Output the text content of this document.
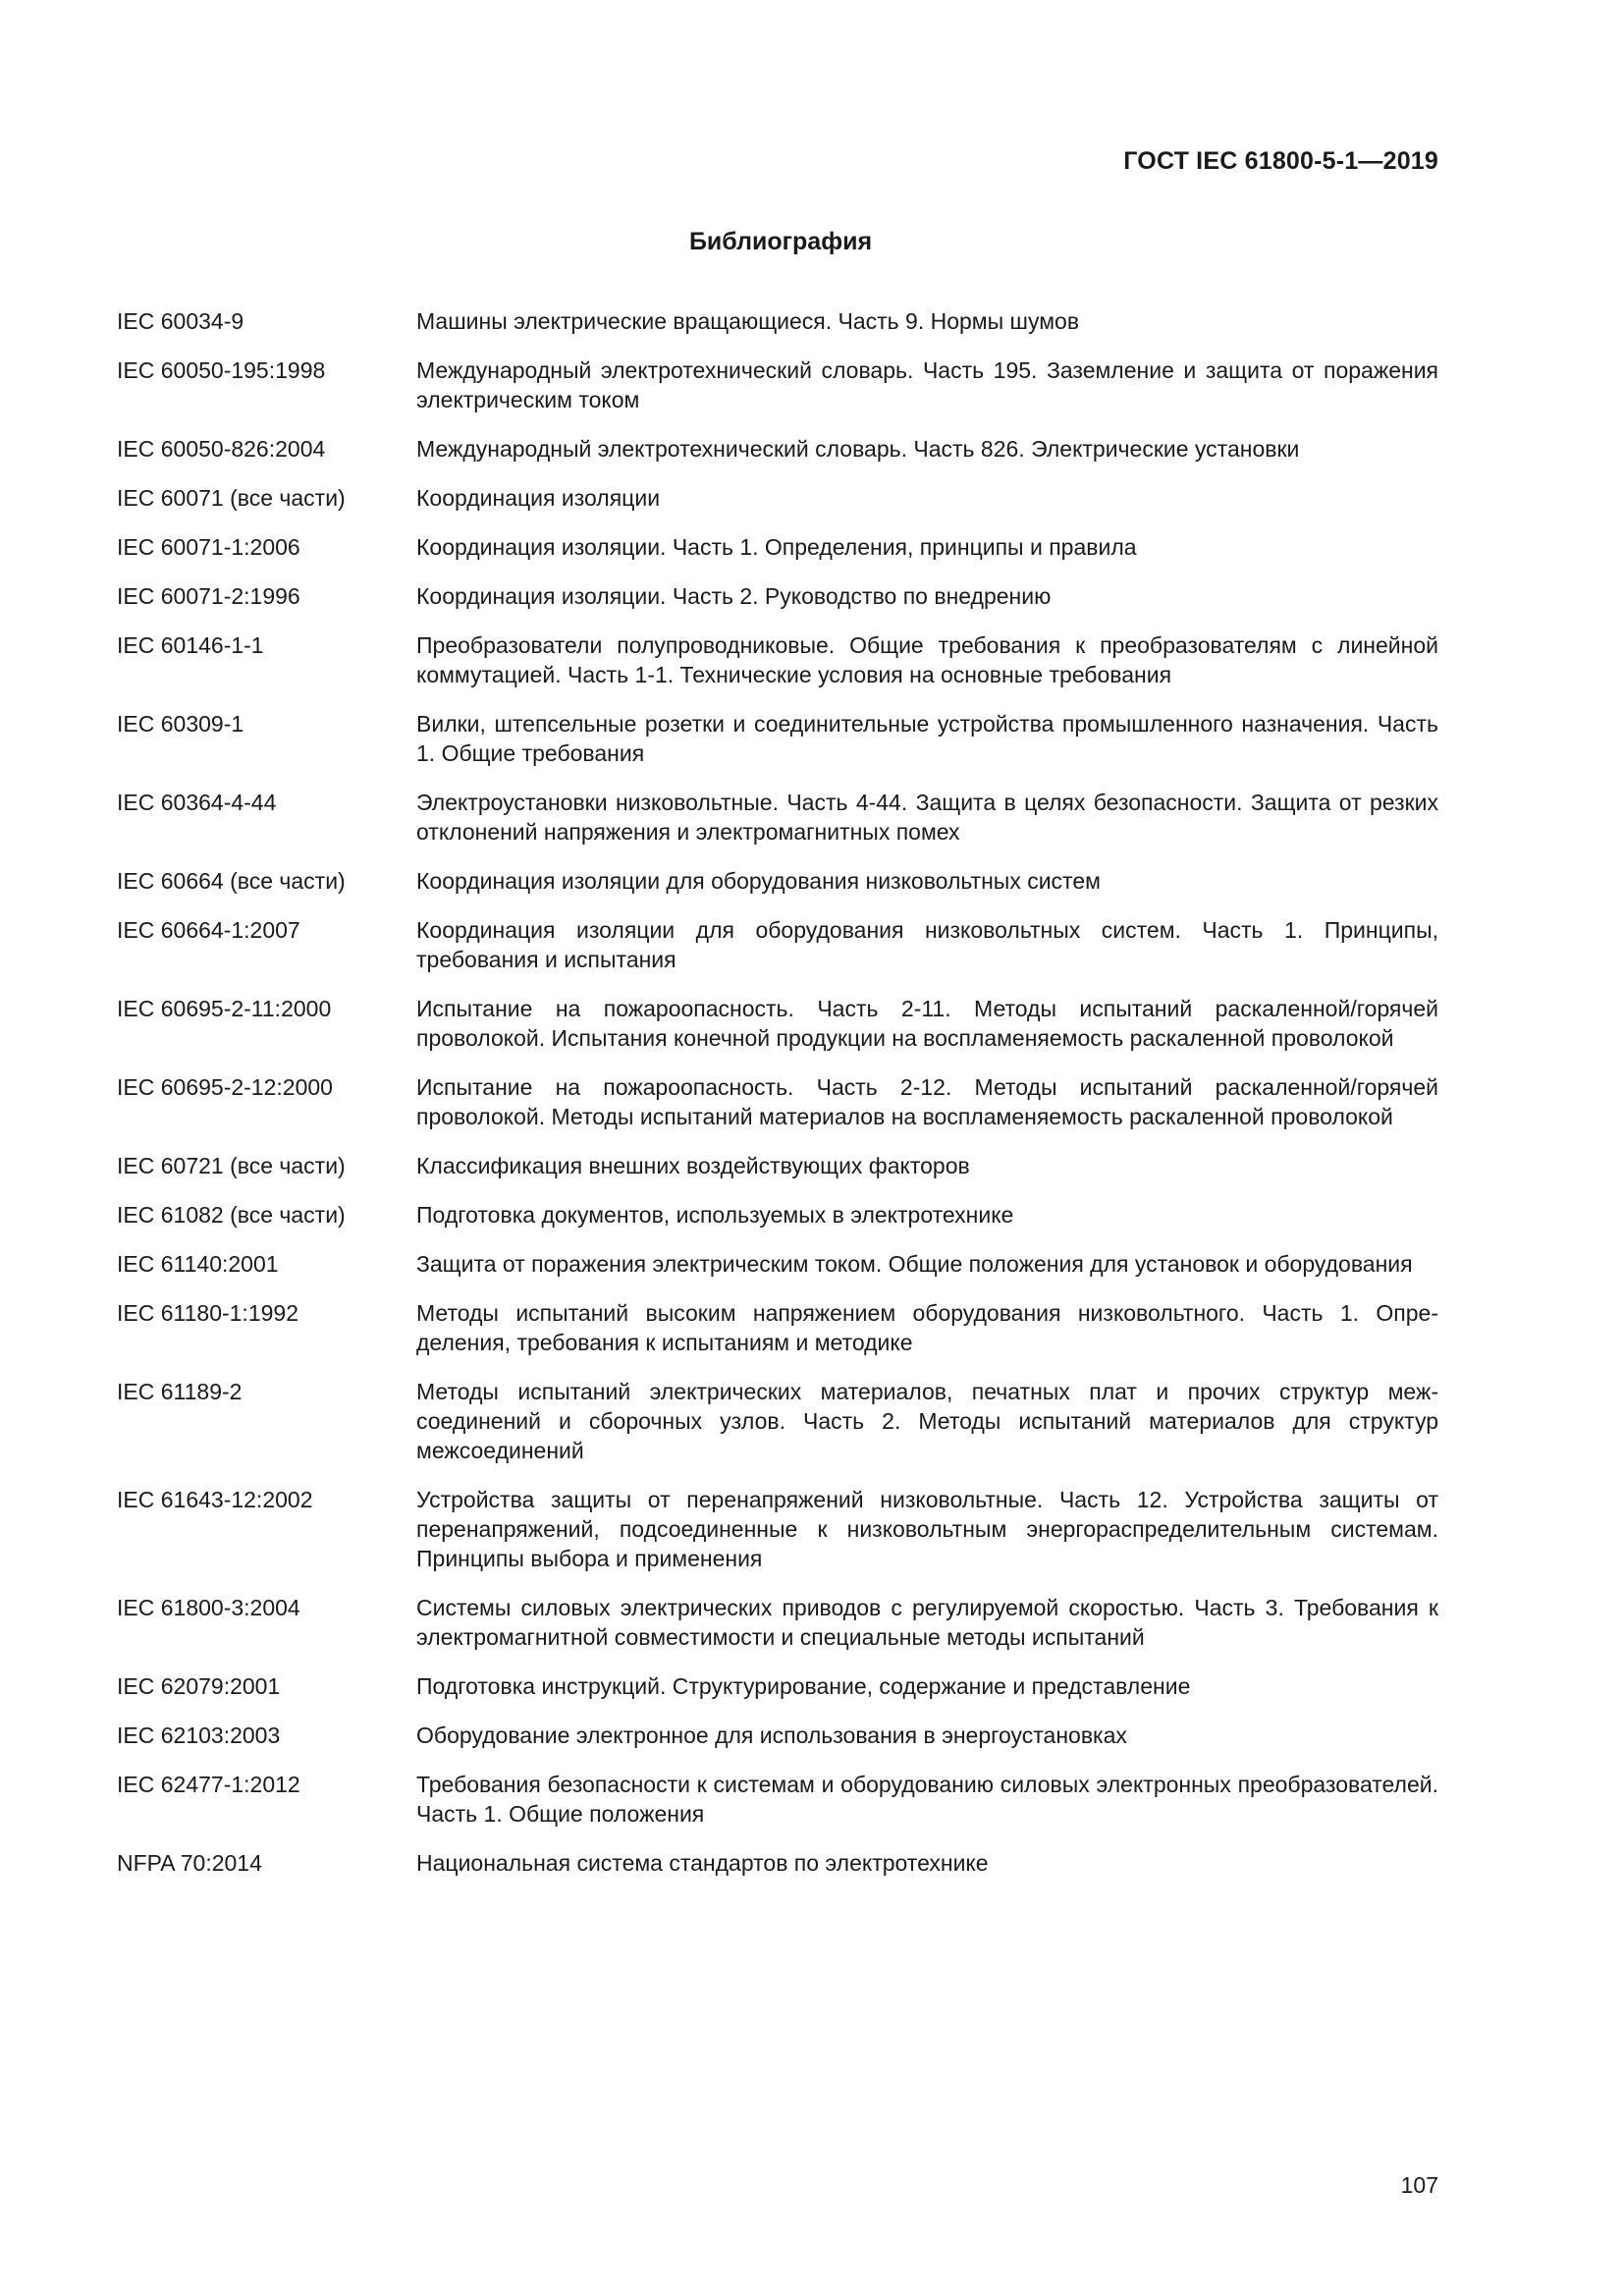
ГОСТ IEC 61800-5-1—2019
Библиография
IEC 60034-9	Машины электрические вращающиеся. Часть 9. Нормы шумов
IEC 60050-195:1998	Международный электротехнический словарь. Часть 195. Заземление и защита от поражения электрическим током
IEC 60050-826:2004	Международный электротехнический словарь. Часть 826. Электрические установки
IEC 60071 (все части)	Координация изоляции
IEC 60071-1:2006	Координация изоляции. Часть 1. Определения, принципы и правила
IEC 60071-2:1996	Координация изоляции. Часть 2. Руководство по внедрению
IEC 60146-1-1	Преобразователи полупроводниковые. Общие требования к преобразователям с линейной коммутацией. Часть 1-1. Технические условия на основные требования
IEC 60309-1	Вилки, штепсельные розетки и соединительные устройства промышленного назначения. Часть 1. Общие требования
IEC 60364-4-44	Электроустановки низковольтные. Часть 4-44. Защита в целях безопасности. Защита от резких отклонений напряжения и электромагнитных помех
IEC 60664 (все части)	Координация изоляции для оборудования низковольтных систем
IEC 60664-1:2007	Координация изоляции для оборудования низковольтных систем. Часть 1. Принципы, требования и испытания
IEC 60695-2-11:2000	Испытание на пожароопасность. Часть 2-11. Методы испытаний раскаленной/горячей проволокой. Испытания конечной продукции на воспламеняемость раскаленной проволокой
IEC 60695-2-12:2000	Испытание на пожароопасность. Часть 2-12. Методы испытаний раскаленной/горячей проволокой. Методы испытаний материалов на воспламеняемость раскаленной проволокой
IEC 60721 (все части)	Классификация внешних воздействующих факторов
IEC 61082 (все части)	Подготовка документов, используемых в электротехнике
IEC 61140:2001	Защита от поражения электрическим током. Общие положения для установок и оборудования
IEC 61180-1:1992	Методы испытаний высоким напряжением оборудования низковольтного. Часть 1. Определения, требования к испытаниям и методике
IEC 61189-2	Методы испытаний электрических материалов, печатных плат и прочих структур межсоединений и сборочных узлов. Часть 2. Методы испытаний материалов для структур межсоединений
IEC 61643-12:2002	Устройства защиты от перенапряжений низковольтные. Часть 12. Устройства защиты от перенапряжений, подсоединенные к низковольтным энергораспределительным системам. Принципы выбора и применения
IEC 61800-3:2004	Системы силовых электрических приводов с регулируемой скоростью. Часть 3. Требования к электромагнитной совместимости и специальные методы испытаний
IEC 62079:2001	Подготовка инструкций. Структурирование, содержание и представление
IEC 62103:2003	Оборудование электронное для использования в энергоустановках
IEC 62477-1:2012	Требования безопасности к системам и оборудованию силовых электронных преобразователей. Часть 1. Общие положения
NFPA 70:2014	Национальная система стандартов по электротехнике
107
